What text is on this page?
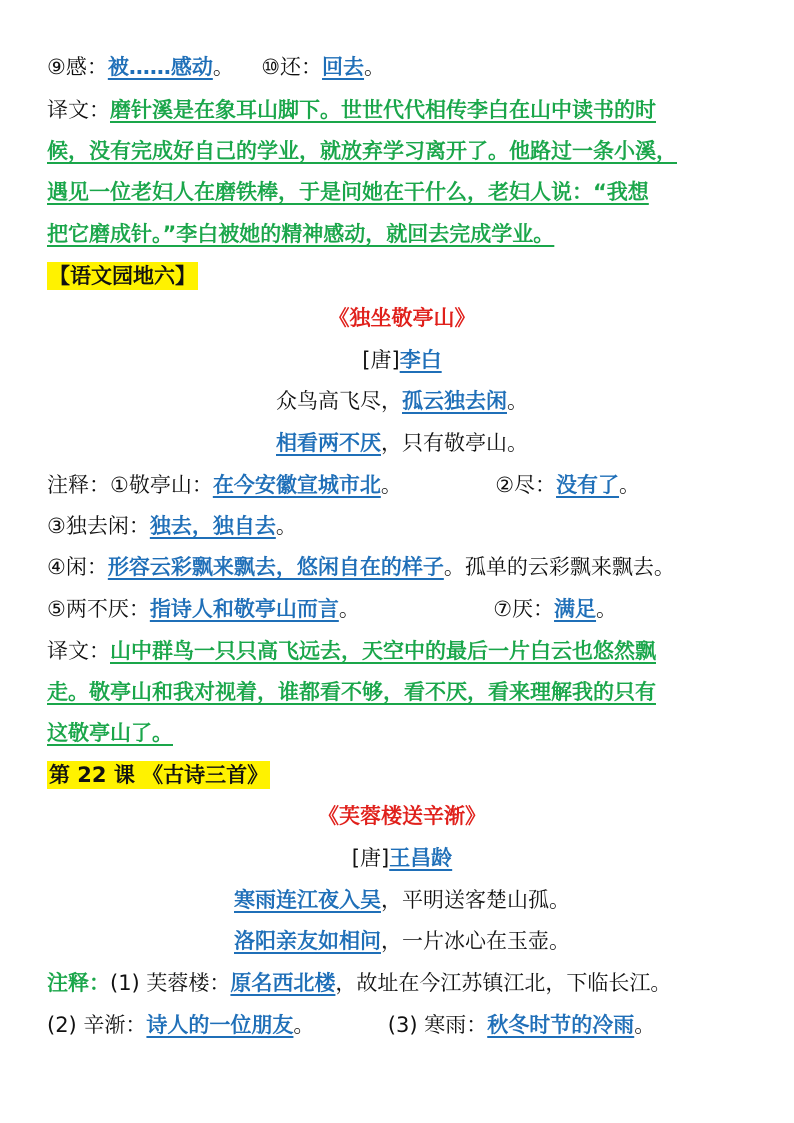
⑨感：被……感动。 ⑩还：回去。
译文：磨针溪是在象耳山脚下。世世代代相传李白在山中读书的时
候，没有完成好自己的学业，就放弃学习离开了。他路过一条小溪，
遇见一位老妇人在磨铁棒，于是问她在干什么，老妇人说：“我想
把它磨成针。”李白被她的精神感动，就回去完成学业。
【语文园地六】
《独坐敬亭山》
[唐]李白
众鸟高飞尽，孤云独去闲。
相看两不厌，只有敬亭山。
注释：①敬亭山：在今安徽宣城市北。	②尽：没有了。
③独去闲：独去，独自去。
④闲：形容云彩飘来飘去，悠闲自在的样子。孤单的云彩飘来飘去。
⑤两不厌：指诗人和敬亭山而言。	⑦厌：满足。
译文：山中群鸟一只只高飞远去，天空中的最后一片白云也悠然飘
走。敬亭山和我对视着，谁都看不够，看不厌，看来理解我的只有
这敬亭山了。
第 22 课 《古诗三首》
《芙蓉楼送辛渐》
[唐]王昌龄
寒雨连江夜入吴，平明送客楚山孤。
洛阳亲友如相问，一片冰心在玉壶。
注释：(1) 芙蓉楼：原名西北楼，故址在今江苏镇江北，下临长江。
(2) 辛渐：诗人的一位朋友。	(3) 寒雨：秋冬时节的冷雨。
